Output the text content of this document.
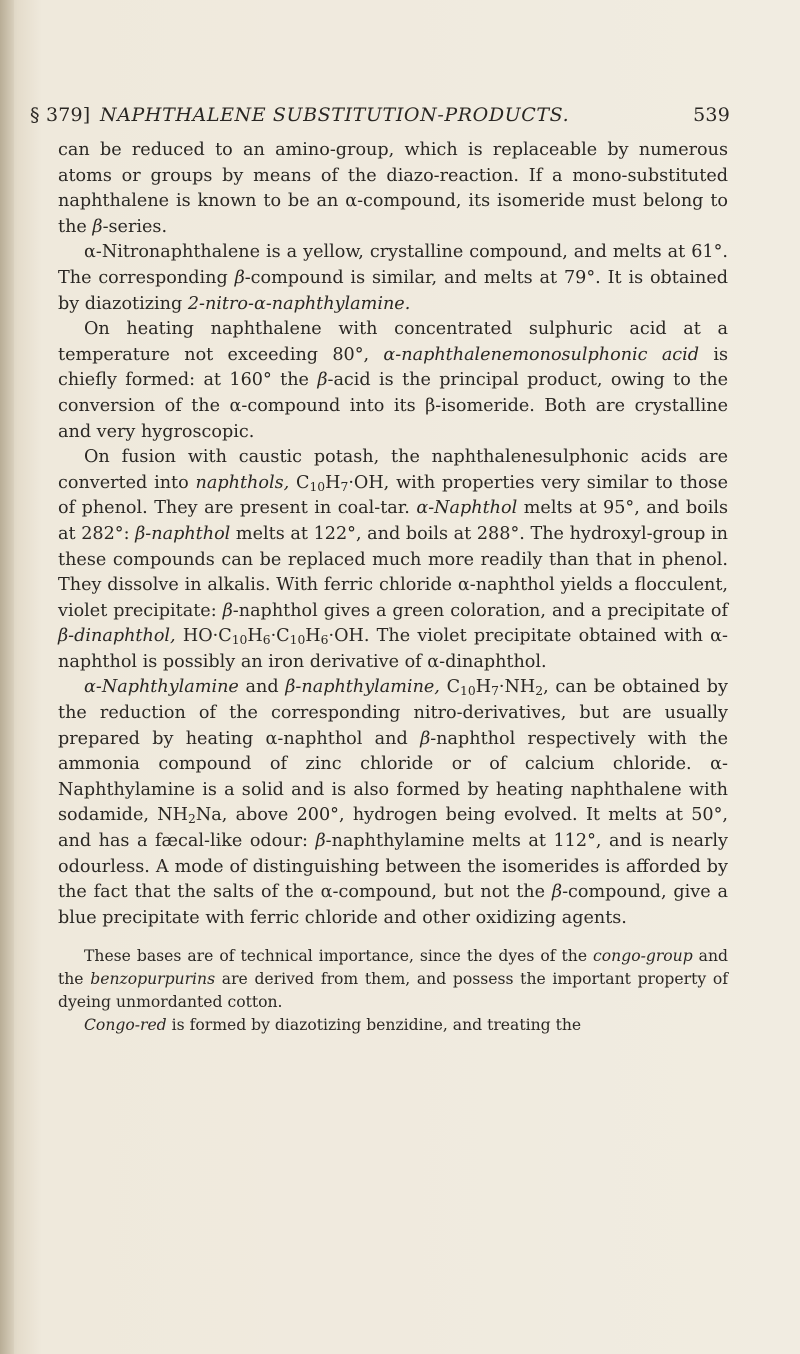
§ 379] NAPHTHALENE SUBSTITUTION-PRODUCTS.	539

can be reduced to an amino-group, which is replaceable by numerous atoms or groups by means of the diazo-reaction. If a mono-substituted naphthalene is known to be an α-compound, its isomeride must belong to the β-series.

α-Nitronaphthalene is a yellow, crystalline compound, and melts at 61°. The corresponding β-compound is similar, and melts at 79°. It is obtained by diazotizing 2-nitro-α-naphthylamine.

On heating naphthalene with concentrated sulphuric acid at a temperature not exceeding 80°, α-naphthalenemonosulphonic acid is chiefly formed: at 160° the β-acid is the principal product, owing to the conversion of the α-compound into its β-isomeride. Both are crystalline and very hygroscopic.

On fusion with caustic potash, the naphthalenesulphonic acids are converted into naphthols, $C_{10}H_7\cdot OH$, with properties very similar to those of phenol. They are present in coal-tar. α-Naphthol melts at 95°, and boils at 282°: β-naphthol melts at 122°, and boils at 288°. The hydroxyl-group in these compounds can be replaced much more readily than that in phenol. They dissolve in alkalis. With ferric chloride α-naphthol yields a flocculent, violet precipitate: β-naphthol gives a green coloration, and a precipitate of β-dinaphthol, $HO\cdot C_{10}H_6\cdot C_{10}H_6\cdot OH$. The violet precipitate obtained with α-naphthol is possibly an iron derivative of α-dinaphthol.

α-Naphthylamine and β-naphthylamine, $C_{10}H_7\cdot NH_2$, can be obtained by the reduction of the corresponding nitro-derivatives, but are usually prepared by heating α-naphthol and β-naphthol respectively with the ammonia compound of zinc chloride or of calcium chloride. α-Naphthylamine is a solid and is also formed by heating naphthalene with sodamide, $NH_2Na$, above 200°, hydrogen being evolved. It melts at 50°, and has a fæcal-like odour: β-naphthylamine melts at 112°, and is nearly odourless. A mode of distinguishing between the isomerides is afforded by the fact that the salts of the α-compound, but not the β-compound, give a blue precipitate with ferric chloride and other oxidizing agents.

These bases are of technical importance, since the dyes of the congo-group and the benzopurpurins are derived from them, and possess the important property of dyeing unmordanted cotton.

Congo-red is formed by diazotizing benzidine, and treating the
